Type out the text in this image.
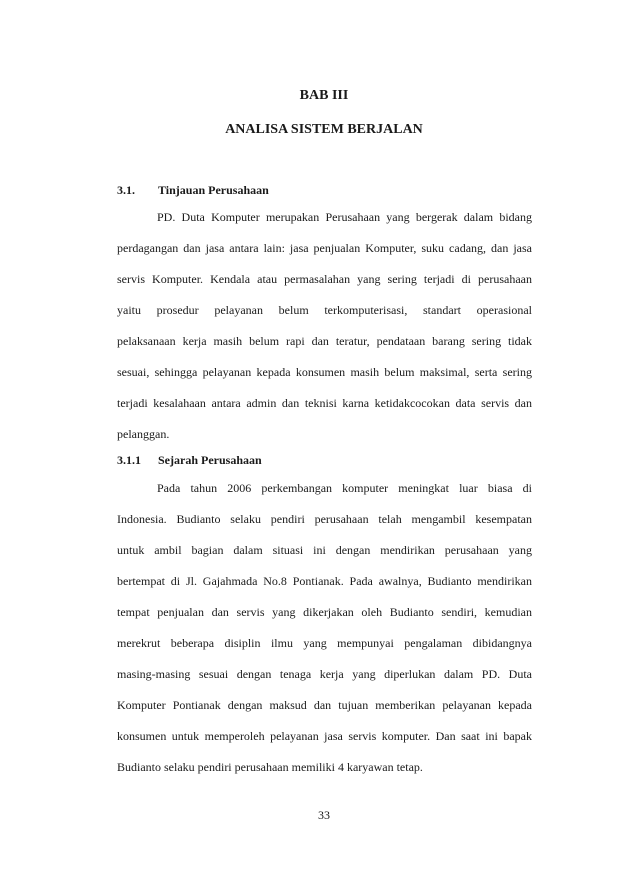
BAB III
ANALISA SISTEM BERJALAN
3.1. Tinjauan Perusahaan

PD. Duta Komputer merupakan Perusahaan yang bergerak dalam bidang

perdagangan dan jasa antara lain: jasa penjualan Komputer, suku cadang, dan jasa

servis Komputer. Kendala atau permasalahan yang sering terjadi di perusahaan

yaitu prosedur pelayanan belum terkomputerisasi, standart operasional

pelaksanaan kerja masih belum rapi dan teratur, pendataan barang sering tidak

sesuai, sehingga pelayanan kepada konsumen masih belum maksimal, serta sering

terjadi kesalahaan antara admin dan teknisi karna ketidakcocokan data servis dan

pelanggan.

3.1.1 Sejarah Perusahaan

Pada tahun 2006 perkembangan komputer meningkat luar biasa di

Indonesia. Budianto selaku pendiri perusahaan telah mengambil kesempatan

untuk ambil bagian dalam situasi ini dengan mendirikan perusahaan yang

bertempat di Jl. Gajahmada No.8 Pontianak. Pada awalnya, Budianto mendirikan

tempat penjualan dan servis yang dikerjakan oleh Budianto sendiri, kemudian

merekrut beberapa disiplin ilmu yang mempunyai pengalaman dibidangnya

masing-masing sesuai dengan tenaga kerja yang diperlukan dalam PD. Duta

Komputer Pontianak dengan maksud dan tujuan memberikan pelayanan kepada

konsumen untuk memperoleh pelayanan jasa servis komputer. Dan saat ini bapak

Budianto selaku pendiri perusahaan memiliki 4 karyawan tetap.

33
